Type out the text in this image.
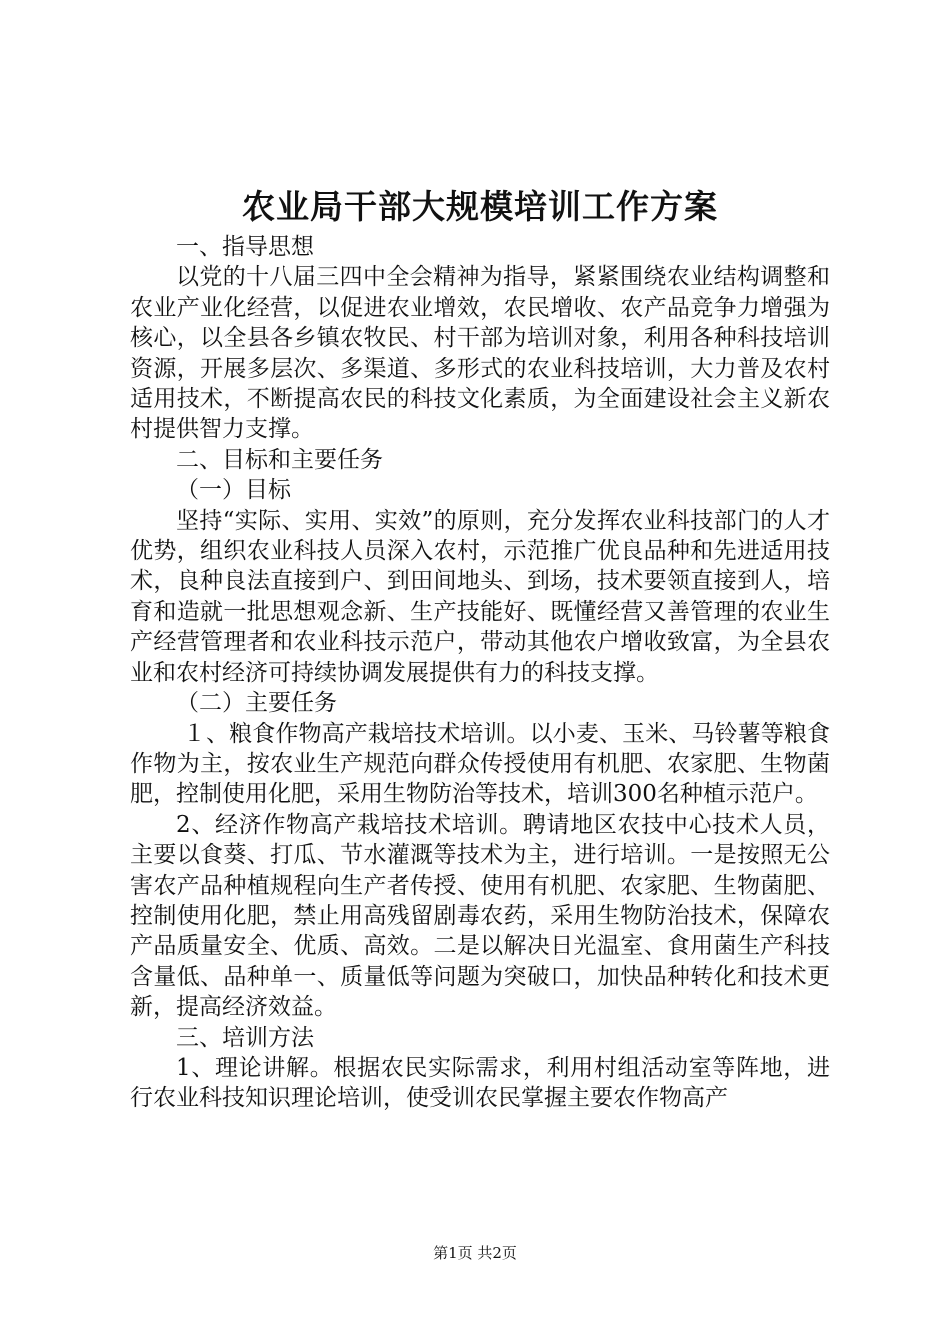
农业局干部大规模培训工作方案

一、指导思想

以党的十八届三四中全会精神为指导，紧紧围绕农业结构调整和农业产业化经营，以促进农业增效，农民增收、农产品竞争力增强为核心，以全县各乡镇农牧民、村干部为培训对象，利用各种科技培训资源，开展多层次、多渠道、多形式的农业科技培训，大力普及农村适用技术，不断提高农民的科技文化素质，为全面建设社会主义新农村提供智力支撑。

二、目标和主要任务

（一）目标

坚持“实际、实用、实效”的原则，充分发挥农业科技部门的人才优势，组织农业科技人员深入农村，示范推广优良品种和先进适用技术，良种良法直接到户、到田间地头、到场，技术要领直接到人，培育和造就一批思想观念新、生产技能好、既懂经营又善管理的农业生产经营管理者和农业科技示范户，带动其他农户增收致富，为全县农业和农村经济可持续协调发展提供有力的科技支撑。

（二）主要任务

１、粮食作物高产栽培技术培训。以小麦、玉米、马铃薯等粮食作物为主，按农业生产规范向群众传授使用有机肥、农家肥、生物菌肥，控制使用化肥，采用生物防治等技术，培训300名种植示范户。

2、经济作物高产栽培技术培训。聘请地区农技中心技术人员，主要以食葵、打瓜、节水灌溉等技术为主，进行培训。一是按照无公害农产品种植规程向生产者传授、使用有机肥、农家肥、生物菌肥、控制使用化肥，禁止用高残留剧毒农药，采用生物防治技术，保障农产品质量安全、优质、高效。二是以解决日光温室、食用菌生产科技含量低、品种单一、质量低等问题为突破口，加快品种转化和技术更新，提高经济效益。

三、培训方法

1、理论讲解。根据农民实际需求，利用村组活动室等阵地，进行农业科技知识理论培训，使受训农民掌握主要农作物高产

第1页 共2页
